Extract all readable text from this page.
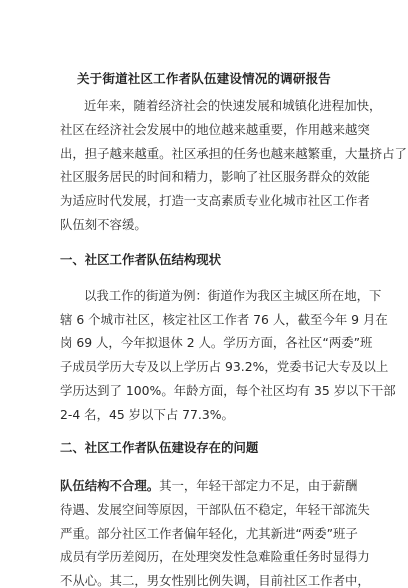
关于街道社区工作者队伍建设情况的调研报告
近年来，随着经济社会的快速发展和城镇化进程加快，
社区在经济社会发展中的地位越来越重要，作用越来越突
出，担子越来越重。社区承担的任务也越来越繁重，大量挤占了
社区服务居民的时间和精力，影响了社区服务群众的效能
为适应时代发展，打造一支高素质专业化城市社区工作者
队伍刻不容缓。
一、社区工作者队伍结构现状
以我工作的街道为例：街道作为我区主城区所在地，下
辖 6 个城市社区，核定社区工作者 76 人，截至今年 9 月在
岗 69 人，今年拟退休 2 人。学历方面，各社区“两委”班
子成员学历大专及以上学历占 93.2%，党委书记大专及以上
学历达到了 100%。年龄方面，每个社区均有 35 岁以下干部
2-4 名，45 岁以下占 77.3%。
二、社区工作者队伍建设存在的问题
队伍结构不合理。其一，年轻干部定力不足，由于薪酬
待遇、发展空间等原因，干部队伍不稳定，年轻干部流失
严重。部分社区工作者偏年轻化，尤其新进“两委”班子
成员有学历差阅历，在处理突发性急难险重任务时显得力
不从心。其二，男女性别比例失调，目前社区工作者中，
